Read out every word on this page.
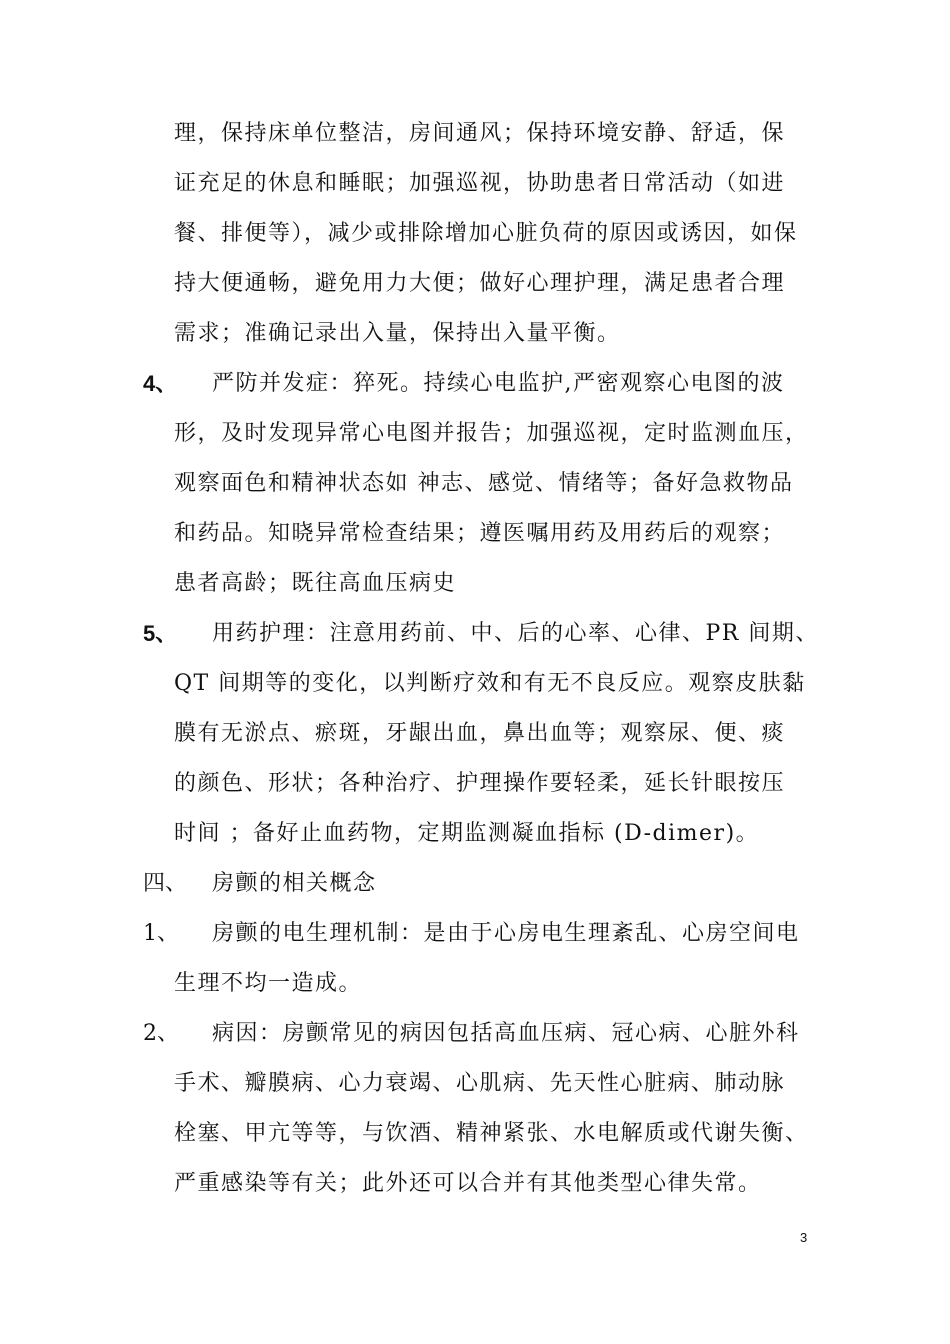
理，保持床单位整洁，房间通风；保持环境安静、舒适，保
证充足的休息和睡眠；加强巡视，协助患者日常活动（如进
餐、排便等），减少或排除增加心脏负荷的原因或诱因，如保
持大便通畅，避免用力大便；做好心理护理，满足患者合理
需求；准确记录出入量，保持出入量平衡。
4、 严防并发症：猝死。持续心电监护,严密观察心电图的波
形，及时发现异常心电图并报告；加强巡视，定时监测血压，
观察面色和精神状态如 神志、感觉、情绪等；备好急救物品
和药品。知晓异常检查结果；遵医嘱用药及用药后的观察；
患者高龄；既往高血压病史
5、 用药护理：注意用药前、中、后的心率、心律、PR 间期、
QT 间期等的变化，以判断疗效和有无不良反应。观察皮肤黏
膜有无淤点、瘀斑，牙龈出血，鼻出血等；观察尿、便、痰
的颜色、形状；各种治疗、护理操作要轻柔，延长针眼按压
时间 ；备好止血药物，定期监测凝血指标 (D-dimer)。
四、 房颤的相关概念
1、 房颤的电生理机制：是由于心房电生理紊乱、心房空间电
生理不均一造成。
2、 病因：房颤常见的病因包括高血压病、冠心病、心脏外科
手术、瓣膜病、心力衰竭、心肌病、先天性心脏病、肺动脉
栓塞、甲亢等等，与饮酒、精神紧张、水电解质或代谢失衡、
严重感染等有关；此外还可以合并有其他类型心律失常。
3
